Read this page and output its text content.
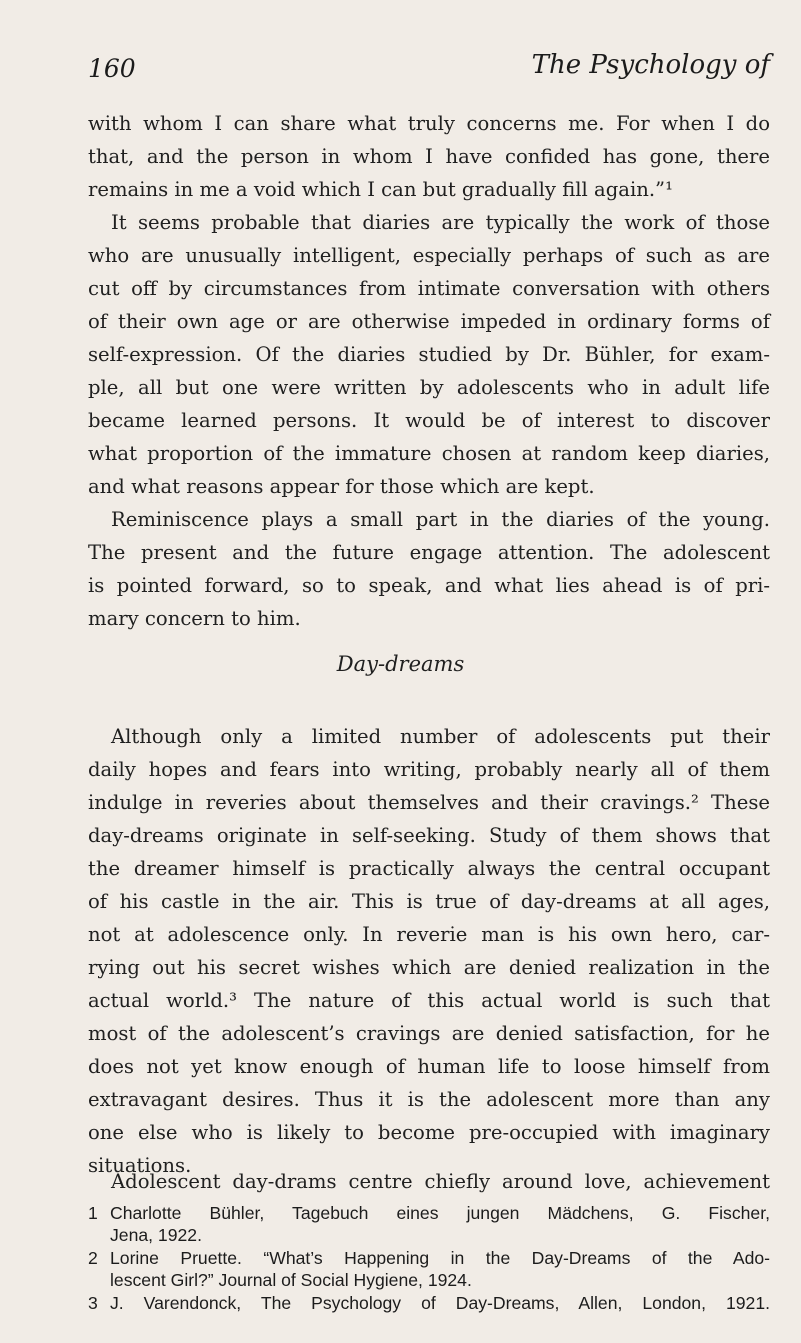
160	The Psychology of
with whom I can share what truly concerns me. For when I do
that, and the person in whom I have confided has gone, there
remains in me a void which I can but gradually fill again.”¹
It seems probable that diaries are typically the work of those
who are unusually intelligent, especially perhaps of such as are
cut off by circumstances from intimate conversation with others
of their own age or are otherwise impeded in ordinary forms of
self-expression. Of the diaries studied by Dr. Bühler, for exam-
ple, all but one were written by adolescents who in adult life
became learned persons. It would be of interest to discover
what proportion of the immature chosen at random keep diaries,
and what reasons appear for those which are kept.
Reminiscence plays a small part in the diaries of the young.
The present and the future engage attention. The adolescent
is pointed forward, so to speak, and what lies ahead is of pri-
mary concern to him.
Day-dreams
Although only a limited number of adolescents put their
daily hopes and fears into writing, probably nearly all of them
indulge in reveries about themselves and their cravings.² These
day-dreams originate in self-seeking. Study of them shows that
the dreamer himself is practically always the central occupant
of his castle in the air. This is true of day-dreams at all ages,
not at adolescence only. In reverie man is his own hero, car-
rying out his secret wishes which are denied realization in the
actual world.³ The nature of this actual world is such that
most of the adolescent’s cravings are denied satisfaction, for he
does not yet know enough of human life to loose himself from
extravagant desires. Thus it is the adolescent more than any
one else who is likely to become pre-occupied with imaginary
situations.
Adolescent day-drams centre chiefly around love, achievement
1 Charlotte Bühler, Tagebuch eines jungen Mädchens, G. Fischer,
Jena, 1922.
2 Lorine Pruette. “What’s Happening in the Day-Dreams of the Ado-
lescent Girl?” Journal of Social Hygiene, 1924.
3 J. Varendonck, The Psychology of Day-Dreams, Allen, London, 1921.
